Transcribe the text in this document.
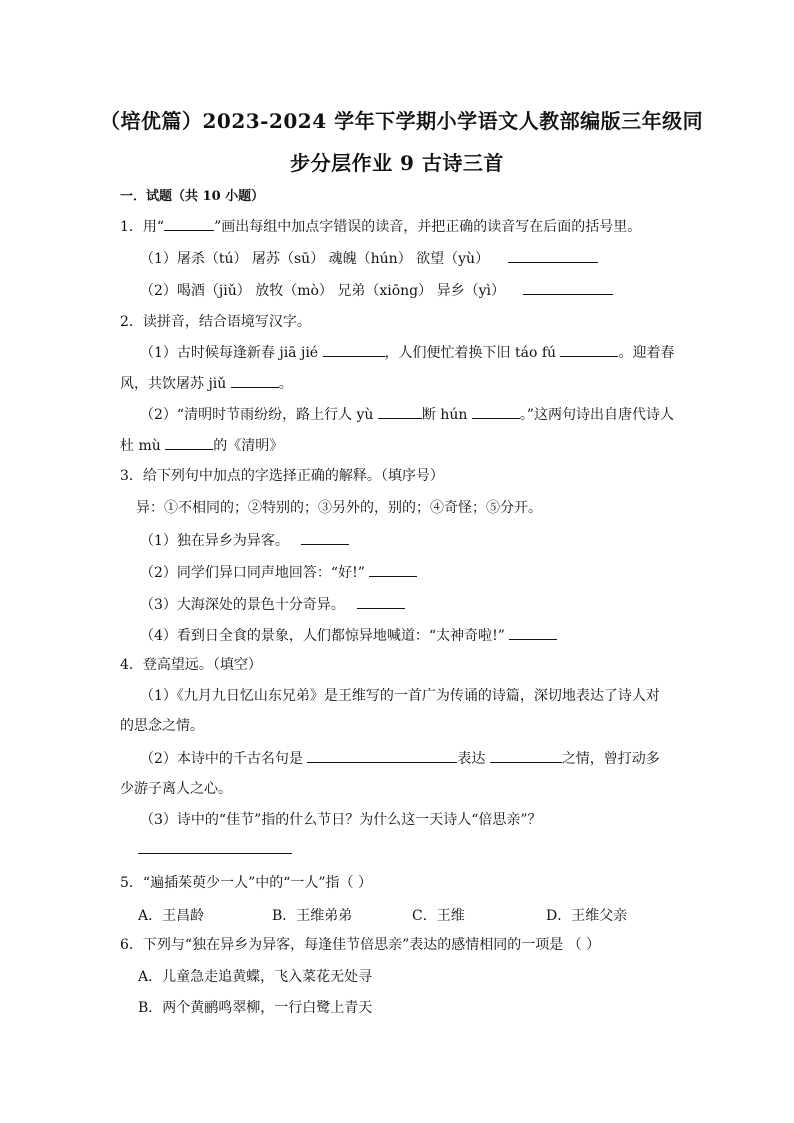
（培优篇）2023-2024 学年下学期小学语文人教部编版三年级同
步分层作业 9 古诗三首
一．试题（共 10 小题）
1．用“	”画出每组中加点字错误的读音，并把正确的读音写在后面的括号里。
（1）屠杀（tú） 屠苏（sū） 魂魄（hún） 欲望（yù）
（2）喝酒（jiǔ） 放牧（mò） 兄弟（xiōng） 异乡（yì）
2．读拼音，结合语境写汉字。
（1）古时候每逢新春 jiā jié	，人们便忙着换下旧 táo fú	。迎着春
风，共饮屠苏 jiǔ	。
（2）“清明时节雨纷纷，路上行人 yù	断 hún	。”这两句诗出自唐代诗人
杜 mù	的《清明》
3．给下列句中加点的字选择正确的解释。（填序号）
异：①不相同的；②特别的；③另外的，别的；④奇怪；⑤分开。
（1）独在异乡为异客。
（2）同学们异口同声地回答：“好!”
（3）大海深处的景色十分奇异。
（4）看到日全食的景象，人们都惊异地喊道：“太神奇啦!”
4．登高望远。（填空）
（1）《九月九日忆山东兄弟》是王维写的一首广为传诵的诗篇，深切地表达了诗人对
的思念之情。
（2）本诗中的千古名句是	表达	之情，曾打动多
少游子离人之心。
（3）诗中的“佳节”指的什么节日？为什么这一天诗人“倍思亲”？
5．“遍插茱萸少一人”中的“一人”指（ ）
A．王昌龄	B．王维弟弟	C．王维	D．王维父亲
6．下列与“独在异乡为异客，每逢佳节倍思亲”表达的感情相同的一项是 （ ）
A．儿童急走追黄蝶，飞入菜花无处寻
B．两个黄鹂鸣翠柳，一行白鹭上青天
